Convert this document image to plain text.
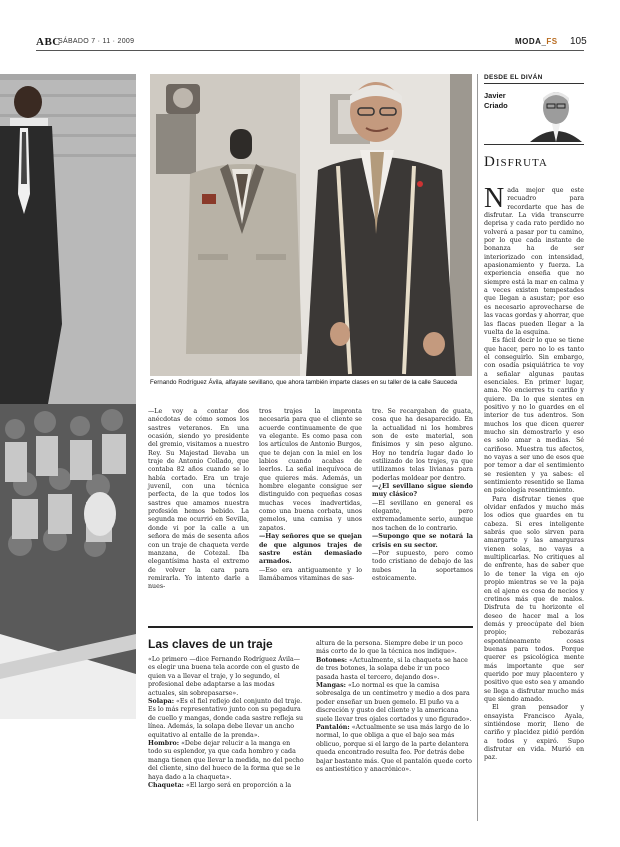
ABC
SÁBADO 7 · 11 · 2009	MODA_FS 105
Fernando Rodríguez Ávila, alfayate sevillano, que ahora también imparte clases en su taller de la calle Sauceda

—Le voy a contar dos anécdotas de cómo somos los sastres veteranos. En una ocasión, siendo yo presidente del gremio, visitamos a nuestro Rey. Su Majestad llevaba un traje de Antonio Collado, que contaba 82 años cuando se lo había cortado. Era un traje juvenil, con una técnica perfecta, de la que todos los sastres que amamos nuestra profesión hemos bebido. La segunda me ocurrió en Sevilla, donde vi por la calle a un señora de más de sesenta años con un traje de chaqueta verde manzana, de Cotezal. Iba elegantísima hasta el extremo de volver la cara para remirarla. Yo intento darle a nues-

tros trajes la impronta necesaria para que el cliente se acuerde continuamente de que va elegante. Es como pasa con los artículos de Antonio Burgos, que te dejan con la miel en los labios cuando acabas de leerlos. La señal inequívoca de que quieres más. Además, un hombre elegante consigue ser distinguido con pequeñas cosas muchas veces inadvertidas, como una buena corbata, unos gemelos, una camisa y unos zapatos.

—Hay señores que se quejan de que algunos trajes de sastre están demasiado armados.

—Eso era antiguamente y lo llamábamos vitaminas de sas-

tre. Se recargaban de guata, cosa que ha desaparecido. En la actualidad ni los hombres son de este material, son finísimos y sin peso alguno. Hoy no tendría lugar dado lo estilizado de los trajes, ya que utilizamos telas livianas para poderlas moldear por dentro.

—¿El sevillano sigue siendo muy clásico?

—El sevillano en general es elegante, pero extremadamente serio, aunque nos tachen de lo contrario.

—Supongo que se notará la crisis en su sector.

—Por supuesto, pero como todo cristiano de debajo de las nubes la soportamos estoicamente.

Las claves de un traje

«Lo primero —dice Fernando Rodríguez Ávila— es elegir una buena tela acorde con el gusto de quien va a llevar el traje, y lo segundo, el profesional debe adaptarse a las modas actuales, sin sobrepasarse».

Solapa: «Es el fiel reflejo del conjunto del traje. Es lo más representativo junto con su pegadura de cuello y mangas, donde cada sastre refleja su línea. Además, la solapa debe llevar un ancho equitativo al entalle de la prenda».

Hombro: «Debe dejar relucir a la manga en todo su esplendor, ya que cada hombro y cada manga tienen que llevar la medida, no del pecho del cliente, sino del hueco de la forma que se le haya dado a la chaqueta».

Chaqueta: «El largo será en proporción a la

altura de la persona. Siempre debe ir un poco más corto de lo que la técnica nos indique».

Botones: «Actualmente, si la chaqueta se hace de tres botones, la solapa debe ir un poco pasada hasta el tercero, dejando dos».

Mangas: «Lo normal es que la camisa sobresalga de un centímetro y medio a dos para poder enseñar un buen gemelo. El puño va a discreción y gusto del cliente y la americana suele llevar tres ojales cortados y uno figurado».

Pantalón: «Actualmente se usa más largo de lo normal, lo que obliga a que el bajo sea más oblicuo, porque si el largo de la parte delantera queda encontrado resulta feo. Por detrás debe bajar bastante más. Que el pantalón quede corto es antiestético y anacrónico».

DESDE EL DIVÁN
Javier
Criado
Disfruta

Nada mejor que este recuadro para recordarte que has de disfrutar. La vida transcurre deprisa y cada rato perdido no volverá a pasar por tu camino, por lo que cada instante de bonanza ha de ser interiorizado con intensidad, apasionamiento y fuerza. La experiencia enseña que no siempre está la mar en calma y a veces existen tempestades que llegan a asustar; por eso es necesario aprovecharse de las vacas gordas y ahorrar, que las flacas pueden llegar a la vuelta de la esquina.

Es fácil decir lo que se tiene que hacer, pero no lo es tanto el conseguirlo. Sin embargo, con osadía psiquiátrica te voy a señalar algunas pautas esenciales. En primer lugar, ama. No encierres tu cariño y quiere. Da lo que sientes en positivo y no lo guardes en el interior de tus adentros. Son muchos los que dicen querer mucho sin demostrarlo y eso es solo amar a medias. Sé cariñoso. Muestra tus afectos, no vayas a ser uno de esos que por temor a dar el sentimiento se resienten y ya sabes: el sentimiento resentido se llama en psicología resentimiento.

Para disfrutar tienes que olvidar enfados y mucho más los odios que guardes en tu cabeza. Si eres inteligente sabrás que solo sirven para amargarte y las amarguras vienen solas, no vayas a multiplicarlas. No critiques al de enfrente, has de saber que lo de tener la viga en ojo propio mientras se ve la paja en el ajeno es cosa de necios y cretinos más que de malos. Disfruta de tu horizonte el deseo de hacer mal a los demás y preocúpate del bien propio; rebozarás espontáneamente cosas buenas para todos. Porque querer es psicológica mente más importante que ser querido por muy placentero y positivo que esto sea y amando se llega a disfrutar mucho más que siendo amado.

El gran pensador y ensayista Francisco Ayala, sintiéndose morir, lleno de cariño y placidez pidió perdón a todos y expiró. Supo disfrutar en vida. Murió en paz.
